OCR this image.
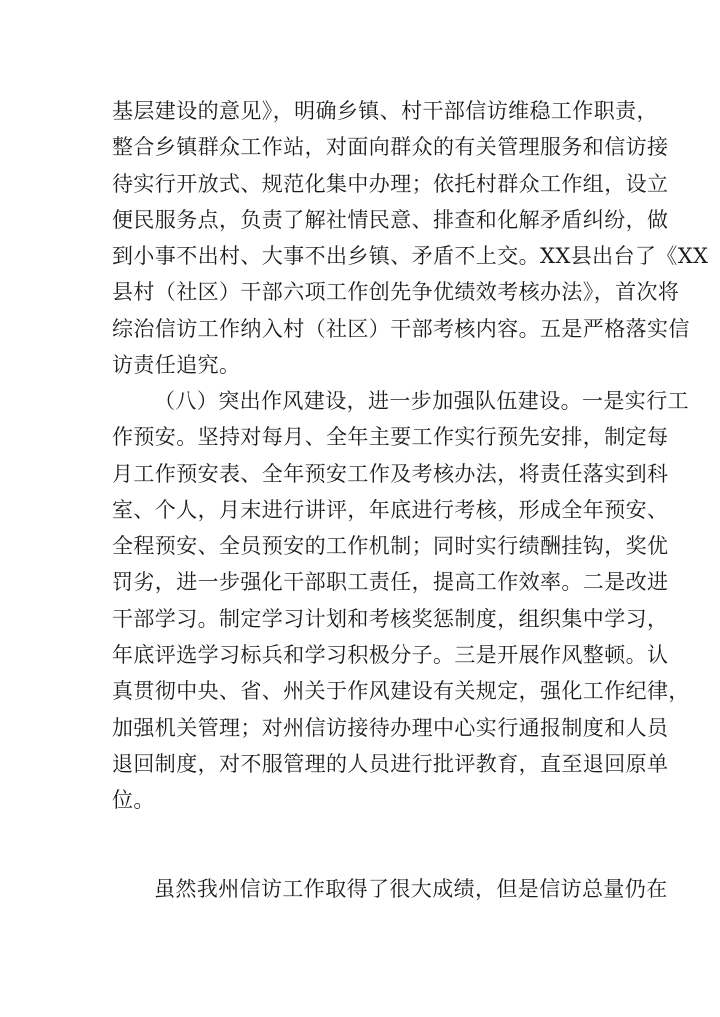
基层建设的意见》，明确乡镇、村干部信访维稳工作职责，
整合乡镇群众工作站，对面向群众的有关管理服务和信访接
待实行开放式、规范化集中办理；依托村群众工作组，设立
便民服务点，负责了解社情民意、排查和化解矛盾纠纷，做
到小事不出村、大事不出乡镇、矛盾不上交。XX县出台了《XX
县村（社区）干部六项工作创先争优绩效考核办法》，首次将
综治信访工作纳入村（社区）干部考核内容。五是严格落实信
访责任追究。
（八）突出作风建设，进一步加强队伍建设。一是实行工
作预安。坚持对每月、全年主要工作实行预先安排，制定每
月工作预安表、全年预安工作及考核办法，将责任落实到科
室、个人，月末进行讲评，年底进行考核，形成全年预安、
全程预安、全员预安的工作机制；同时实行绩酬挂钩，奖优
罚劣，进一步强化干部职工责任，提高工作效率。二是改进
干部学习。制定学习计划和考核奖惩制度，组织集中学习，
年底评选学习标兵和学习积极分子。三是开展作风整顿。认
真贯彻中央、省、州关于作风建设有关规定，强化工作纪律，
加强机关管理；对州信访接待办理中心实行通报制度和人员
退回制度，对不服管理的人员进行批评教育，直至退回原单
位。
虽然我州信访工作取得了很大成绩，但是信访总量仍在
